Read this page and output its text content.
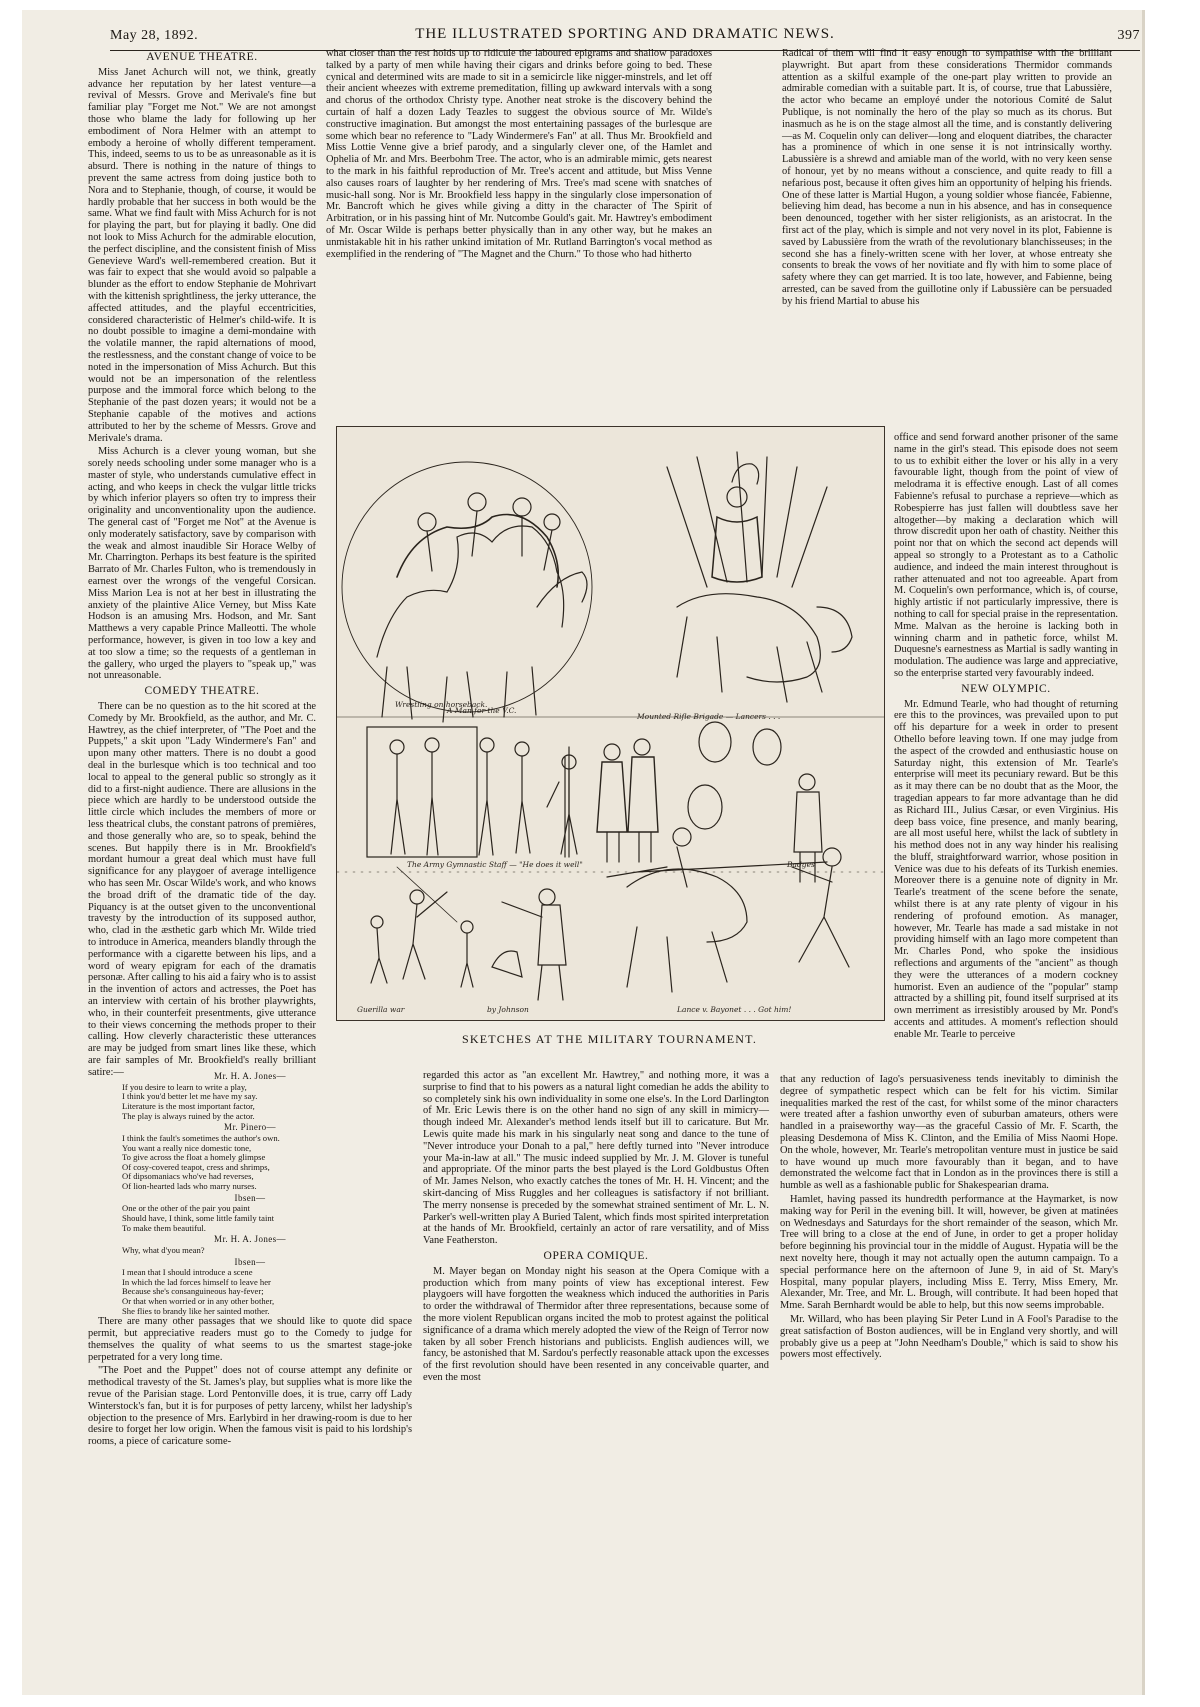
May 28, 1892.	THE ILLUSTRATED SPORTING AND DRAMATIC NEWS.	397
AVENUE THEATRE.

Miss Janet Achurch will not, we think, greatly advance her reputation by her latest venture—a revival of Messrs. Grove and Merivale's fine but familiar play "Forget me Not." We are not amongst those who blame the lady for following up her embodiment of Nora Helmer with an attempt to embody a heroine of wholly different temperament. This, indeed, seems to us to be as unreasonable as it is absurd. There is nothing in the nature of things to prevent the same actress from doing justice both to Nora and to Stephanie, though, of course, it would be hardly probable that her success in both would be the same. What we find fault with Miss Achurch for is not for playing the part, but for playing it badly. One did not look to Miss Achurch for the admirable elocution, the perfect discipline, and the consistent finish of Miss Genevieve Ward's well-remembered creation. But it was fair to expect that she would avoid so palpable a blunder as the effort to endow Stephanie de Mohrivart with the kittenish sprightliness, the jerky utterance, the affected attitudes, and the playful eccentricities, considered characteristic of Helmer's child-wife. It is no doubt possible to imagine a demi-mondaine with the volatile manner, the rapid alternations of mood, the restlessness, and the constant change of voice to be noted in the impersonation of Miss Achurch. But this would not be an impersonation of the relentless purpose and the immoral force which belong to the Stephanie of the past dozen years; it would not be a Stephanie capable of the motives and actions attributed to her by the scheme of Messrs. Grove and Merivale's drama.

Miss Achurch is a clever young woman, but she sorely needs schooling under some manager who is a master of style, who understands cumulative effect in acting, and who keeps in check the vulgar little tricks by which inferior players so often try to impress their originality and unconventionality upon the audience. The general cast of "Forget me Not" at the Avenue is only moderately satisfactory, save by comparison with the weak and almost inaudible Sir Horace Welby of Mr. Charrington. Perhaps its best feature is the spirited Barrato of Mr. Charles Fulton, who is tremendously in earnest over the wrongs of the vengeful Corsican. Miss Marion Lea is not at her best in illustrating the anxiety of the plaintive Alice Verney, but Miss Kate Hodson is an amusing Mrs. Hodson, and Mr. Sant Matthews a very capable Prince Malleotti. The whole performance, however, is given in too low a key and at too slow a time; so the requests of a gentleman in the gallery, who urged the players to "speak up," was not unreasonable.

COMEDY THEATRE.

There can be no question as to the hit scored at the Comedy by Mr. Brookfield, as the author, and Mr. C. Hawtrey, as the chief interpreter, of "The Poet and the Puppets," a skit upon "Lady Windermere's Fan" and upon many other matters. There is no doubt a good deal in the burlesque which is too technical and too local to appeal to the general public so strongly as it did to a first-night audience. There are allusions in the piece which are hardly to be understood outside the little circle which includes the members of more or less theatrical clubs, the constant patrons of premières, and those generally who are, so to speak, behind the scenes. But happily there is in Mr. Brookfield's mordant humour a great deal which must have full significance for any playgoer of average intelligence who has seen Mr. Oscar Wilde's work, and who knows the broad drift of the dramatic tide of the day. Piquancy is at the outset given to the unconventional travesty by the introduction of its supposed author, who, clad in the æsthetic garb which Mr. Wilde tried to introduce in America, meanders blandly through the performance with a cigarette between his lips, and a word of weary epigram for each of the dramatis personæ. After calling to his aid a fairy who is to assist in the invention of actors and actresses, the Poet has an interview with certain of his brother playwrights, who, in their counterfeit presentments, give utterance to their views concerning the methods proper to their calling. How cleverly characteristic these utterances are may be judged from smart lines like these, which are fair samples of Mr. Brookfield's really brilliant satire:—	Mr. H. A. Jones—

If you desire to learn to write a play,
I think you'd better let me have my say.
Literature is the most important factor,
The play is always ruined by the actor.

Mr. Pinero—

I think the fault's sometimes the author's own.
You want a really nice domestic tone,
To give across the float a homely glimpse
Of cosy-covered teapot, cress and shrimps,
Of dipsomaniacs who've had reverses,
Of lion-hearted lads who marry nurses.

Ibsen—

One or the other of the pair you paint
Should have, I think, some little family taint
To make them beautiful.

Mr. H. A. Jones—

Why, what d'you mean?

Ibsen—

I mean that I should introduce a scene
In which the lad forces himself to leave her
Because she's consanguineous hay-fever;
Or that when worried or in any other bother,
She flies to brandy like her sainted mother.

There are many other passages that we should like to quote did space permit, but appreciative readers must go to the Comedy to judge for themselves the quality of what seems to us the smartest stage-joke perpetrated for a very long time.

"The Poet and the Puppet" does not of course attempt any definite or methodical travesty of the St. James's play, but supplies what is more like the revue of the Parisian stage. Lord Pentonville does, it is true, carry off Lady Winterstock's fan, but it is for purposes of petty larceny, whilst her ladyship's objection to the presence of Mrs. Earlybird in her drawing-room is due to her desire to forget her low origin. When the famous visit is paid to his lordship's rooms, a piece of caricature some-

what closer than the rest holds up to ridicule the laboured epigrams and shallow paradoxes talked by a party of men while having their cigars and drinks before going to bed. These cynical and determined wits are made to sit in a semicircle like nigger-minstrels, and let off their ancient wheezes with extreme premeditation, filling up awkward intervals with a song and chorus of the orthodox Christy type. Another neat stroke is the discovery behind the curtain of half a dozen Lady Teazles to suggest the obvious source of Mr. Wilde's constructive imagination. But amongst the most entertaining passages of the burlesque are some which bear no reference to "Lady Windermere's Fan" at all. Thus Mr. Brookfield and Miss Lottie Venne give a brief parody, and a singularly clever one, of the Hamlet and Ophelia of Mr. and Mrs. Beerbohm Tree. The actor, who is an admirable mimic, gets nearest to the mark in his faithful reproduction of Mr. Tree's accent and attitude, but Miss Venne also causes roars of laughter by her rendering of Mrs. Tree's mad scene with snatches of music-hall song. Nor is Mr. Brookfield less happy in the singularly close impersonation of Mr. Bancroft which he gives while giving a ditty in the character of The Spirit of Arbitration, or in his passing hint of Mr. Nutcombe Gould's gait. Mr. Hawtrey's embodiment of Mr. Oscar Wilde is perhaps better physically than in any other way, but he makes an unmistakable hit in his rather unkind imitation of Mr. Rutland Barrington's vocal method as exemplified in the rendering of "The Magnet and the Churn." To those who had hitherto

regarded this actor as "an excellent Mr. Hawtrey," and nothing more, it was a surprise to find that to his powers as a natural light comedian he adds the ability to so completely sink his own individuality in some one else's. In the Lord Darlington of Mr. Eric Lewis there is on the other hand no sign of any skill in mimicry—though indeed Mr. Alexander's method lends itself but ill to caricature. But Mr. Lewis quite made his mark in his singularly neat song and dance to the tune of "Never introduce your Donah to a pal," here deftly turned into "Never introduce your Ma-in-law at all." The music indeed supplied by Mr. J. M. Glover is tuneful and appropriate. Of the minor parts the best played is the Lord Goldbustus Often of Mr. James Nelson, who exactly catches the tones of Mr. H. H. Vincent; and the skirt-dancing of Miss Ruggles and her colleagues is satisfactory if not brilliant. The merry nonsense is preceded by the somewhat strained sentiment of Mr. L. N. Parker's well-written play A Buried Talent, which finds most spirited interpretation at the hands of Mr. Brookfield, certainly an actor of rare versatility, and of Miss Vane Featherston.

OPERA COMIQUE.

M. Mayer began on Monday night his season at the Opera Comique with a production which from many points of view has exceptional interest. Few playgoers will have forgotten the weakness which induced the authorities in Paris to order the withdrawal of Thermidor after three representations, because some of the more violent Republican organs incited the mob to protest against the political significance of a drama which merely adopted the view of the Reign of Terror now taken by all sober French historians and publicists. English audiences will, we fancy, be astonished that M. Sardou's perfectly reasonable attack upon the excesses of the first revolution should have been resented in any conceivable quarter, and even the most

Radical of them will find it easy enough to sympathise with the brilliant playwright. But apart from these considerations Thermidor commands attention as a skilful example of the one-part play written to provide an admirable comedian with a suitable part. It is, of course, true that Labussière, the actor who became an employé under the notorious Comité de Salut Publique, is not nominally the hero of the play so much as its chorus. But inasmuch as he is on the stage almost all the time, and is constantly delivering—as M. Coquelin only can deliver—long and eloquent diatribes, the character has a prominence of which in one sense it is not intrinsically worthy. Labussière is a shrewd and amiable man of the world, with no very keen sense of honour, yet by no means without a conscience, and quite ready to fill a nefarious post, because it often gives him an opportunity of helping his friends. One of these latter is Martial Hugon, a young soldier whose fiancée, Fabienne, believing him dead, has become a nun in his absence, and has in consequence been denounced, together with her sister religionists, as an aristocrat. In the first act of the play, which is simple and not very novel in its plot, Fabienne is saved by Labussière from the wrath of the revolutionary blanchisseuses; in the second she has a finely-written scene with her lover, at whose entreaty she consents to break the vows of her novitiate and fly with him to some place of safety where they can get married. It is too late, however, and Fabienne, being arrested, can be saved from the guillotine only if Labussière can be persuaded by his friend Martial to abuse his

office and send forward another prisoner of the same name in the girl's stead. This episode does not seem to us to exhibit either the lover or his ally in a very favourable light, though from the point of view of melodrama it is effective enough. Last of all comes Fabienne's refusal to purchase a reprieve—which as Robespierre has just fallen will doubtless save her altogether—by making a declaration which will throw discredit upon her oath of chastity. Neither this point nor that on which the second act depends will appeal so strongly to a Protestant as to a Catholic audience, and indeed the main interest throughout is rather attenuated and not too agreeable. Apart from M. Coquelin's own performance, which is, of course, highly artistic if not particularly impressive, there is nothing to call for special praise in the representation. Mme. Malvan as the heroine is lacking both in winning charm and in pathetic force, whilst M. Duquesne's earnestness as Martial is sadly wanting in modulation. The audience was large and appreciative, so the enterprise started very favourably indeed.

NEW OLYMPIC.

Mr. Edmund Tearle, who had thought of returning ere this to the provinces, was prevailed upon to put off his departure for a week in order to present Othello before leaving town. If one may judge from the aspect of the crowded and enthusiastic house on Saturday night, this extension of Mr. Tearle's enterprise will meet its pecuniary reward. But be this as it may there can be no doubt that as the Moor, the tragedian appears to far more advantage than he did as Richard III., Julius Cæsar, or even Virginius. His deep bass voice, fine presence, and manly bearing, are all most useful here, whilst the lack of subtlety in his method does not in any way hinder his realising the bluff, straightforward warrior, whose position in Venice was due to his defeats of its Turkish enemies. Moreover there is a genuine note of dignity in Mr. Tearle's treatment of the scene before the senate, whilst there is at any rate plenty of vigour in his rendering of profound emotion. As manager, however, Mr. Tearle has made a sad mistake in not providing himself with an Iago more competent than Mr. Charles Pond, who spoke the insidious reflections and arguments of the "ancient" as though they were the utterances of a modern cockney humorist. Even an audience of the "popular" stamp attracted by a shilling pit, found itself surprised at its own merriment as irresistibly aroused by Mr. Pond's accents and attitudes. A moment's reflection should enable Mr. Tearle to perceive

that any reduction of Iago's persuasiveness tends inevitably to diminish the degree of sympathetic respect which can be felt for his victim. Similar inequalities marked the rest of the cast, for whilst some of the minor characters were treated after a fashion unworthy even of suburban amateurs, others were handled in a praiseworthy way—as the graceful Cassio of Mr. F. Scarth, the pleasing Desdemona of Miss K. Clinton, and the Emilia of Miss Naomi Hope. On the whole, however, Mr. Tearle's metropolitan venture must in justice be said to have wound up much more favourably than it began, and to have demonstrated the welcome fact that in London as in the provinces there is still a humble as well as a fashionable public for Shakespearian drama.

Hamlet, having passed its hundredth performance at the Haymarket, is now making way for Peril in the evening bill. It will, however, be given at matinées on Wednesdays and Saturdays for the short remainder of the season, which Mr. Tree will bring to a close at the end of June, in order to get a proper holiday before beginning his provincial tour in the middle of August. Hypatia will be the next novelty here, though it may not actually open the autumn campaign. To a special performance here on the afternoon of June 9, in aid of St. Mary's Hospital, many popular players, including Miss E. Terry, Miss Emery, Mr. Alexander, Mr. Tree, and Mr. L. Brough, will contribute. It had been hoped that Mme. Sarah Bernhardt would be able to help, but this now seems improbable.

Mr. Willard, who has been playing Sir Peter Lund in A Fool's Paradise to the great satisfaction of Boston audiences, will be in England very shortly, and will probably give us a peep at "John Needham's Double," which is said to show his powers most effectively.

Wrestling on horseback.
A Man for the V.C.
Mounted Rifle Brigade — Lancers . . .
The Army Gymnastic Staff — "He does it well"	Badges
Guerilla war	by Johnson	Lance v. Bayonet . . . Got him!
SKETCHES AT THE MILITARY TOURNAMENT.
